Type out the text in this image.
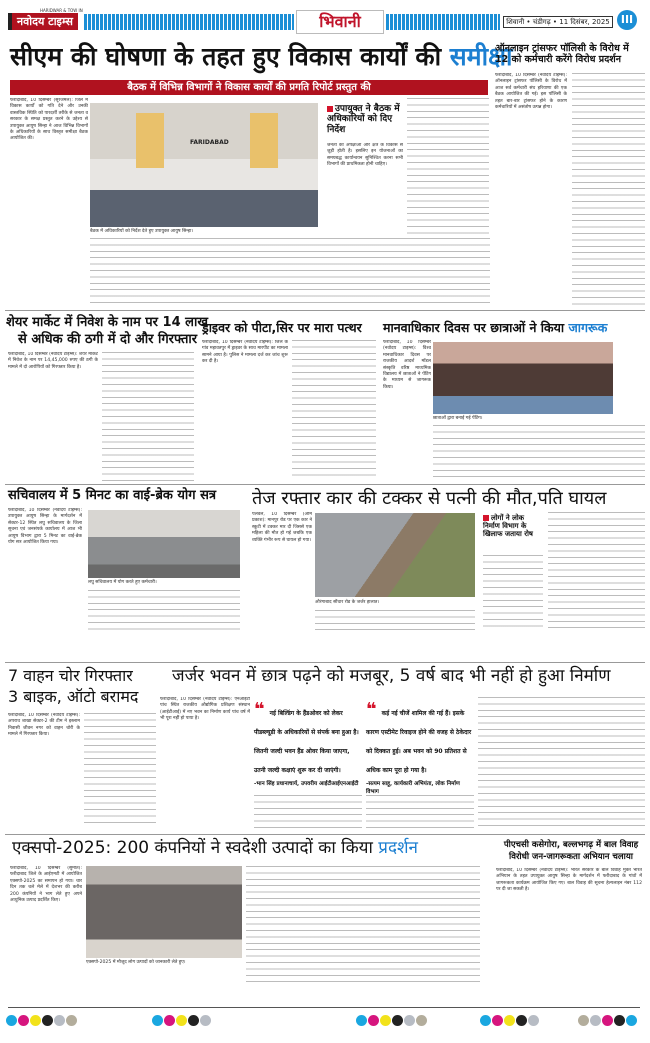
HARIDWAR & TOW IN
नवोदय टाइम्स	भिवानी	शिवानी • चंडीगढ़ • 11 दिसंबर, 2025	III
सीएम की घोषणा के तहत हुए विकास कार्यों की समीक्षा
बैठक में विभिन्न विभागों ने विकास कार्यों की प्रगति रिपोर्ट प्रस्तुत की
फरीदाबाद, 10 दिसम्बर (सूरजमल): जिले में विकास कार्यों को गति देने और उनकी वास्तविक स्थिति को पारदर्शी तरीके से जनता व सरकार के समक्ष प्रस्तुत करने के उद्देश्य से उपायुक्त आयुष सिन्हा ने आज विभिन्न विभागों के अधिकारियों के साथ विस्तृत समीक्षा बैठक आयोजित की।
FARIDABAD
बैठक में अधिकारियों को निर्देश देते हुए उपायुक्त आयुष सिन्हा।
उपायुक्त ने बैठक में अधिकारियों को दिए निर्देश
जनता की अपेक्षाओं और क्षेत्र के विकास से जुड़ी होती है। इसलिए इन योजनाओं का समयबद्ध कार्यान्वयन सुनिश्चित करना सभी विभागों की प्राथमिकता होनी चाहिए।
ऑनलाइन ट्रांसफर पॉलिसी के विरोध में 12 को कर्मचारी करेंगे विरोध प्रदर्शन
फरीदाबाद, 10 दिसम्बर (नवोदय टाइम्स): ऑनलाइन ट्रांसफर पॉलिसी के विरोध में आज सर्व कर्मचारी संघ हरियाणा की एक बैठक आयोजित की गई। इस पॉलिसी के तहत बार-बार ट्रांसफर होने के कारण कर्मचारियों में असंतोष उत्पन्न होगा।
शेयर मार्केट में निवेश के नाम पर 14 लाख
से अधिक की ठगी में दो और गिरफ्तार
फरीदाबाद, 10 दिसम्बर (नवोदय टाइम्स): शेयर मार्केट में निवेश के नाम पर 14,45,000 रुपए की ठगी के मामले में दो आरोपियों को गिरफ्तार किया है।
ड्राइवर को पीटा,सिर पर मारा पत्थर
फरीदाबाद, 10 दिसम्बर (नवोदय टाइम्स): जिले के गांव महावतपुर में ड्राइवर के साथ मारपीट का मामला सामने आया है। पुलिस ने मामला दर्ज कर जांच शुरू कर दी है।
मानवाधिकार दिवस पर छात्राओं ने किया जागरूक
फरीदाबाद, 10 दिसम्बर (नवोदय टाइम्स): विश्व मानवाधिकार दिवस पर राजकीय आदर्श मॉडल संस्कृति वरिष्ठ माध्यमिक विद्यालय में छात्राओं ने पेंटिंग के माध्यम से जागरूक किया।
छात्राओं द्वारा बनाई गई पेंटिंग।
सचिवालय में 5 मिनट का वाई-ब्रेक योग सत्र
फरीदाबाद, 10 दिसम्बर (नवोदय टाइम्स): उपायुक्त आयुष सिन्हा के मार्गदर्शन में सेक्टर-12 स्थित लघु सचिवालय के जिला सूचना एवं जनसंपर्क कार्यालय में आज भी आयुष विभाग द्वारा 5 मिनट का वाई-ब्रेक योग सत्र आयोजित किया गया।
लघु सचिवालय में योग करते हुए कर्मचारी।
तेज रफ्तार कार की टक्कर से पत्नी की मौत,पति घायल
पलवल, 10 दिसम्बर (ओम प्रकाश): मानपुर रोड पर एक कार ने स्कूटी में टक्कर मार दी जिससे एक महिला की मौत हो गई जबकि एक व्यक्ति गंभीर रूप से घायल हो गया।
औरंगाबाद सौंधार रोड के जर्जर हालात।
लोगों ने लोक निर्माण विभाग के खिलाफ जताया रोष
7 वाहन चोर गिरफ्तार
3 बाइक, ऑटो बरामद
फरीदाबाद, 10 दिसम्बर (नवोदय टाइम्स): अपराध शाखा सेक्टर-2 की टीम ने इस्लाम निवासी जीवन नगर को वाहन चोरी के मामले में गिरफ्तार किया।
जर्जर भवन में छात्र पढ़ने को मजबूर, 5 वर्ष बाद भी नहीं हो हुआ निर्माण
फरीदाबाद, 10 दिसम्बर (नवोदय टाइम्स): एनआईटी पांच स्थित राजकीय औद्योगिक प्रशिक्षण संस्थान (आईटीआई) में नए भवन का निर्माण कार्य पांच वर्ष में भी पूरा नहीं हो पाया है।	❝ नई बिल्डिंग के हैंडओवर को लेकर पीडब्ल्यूडी के अधिकारियों से संपर्क बना हुआ है। जितनी जल्दी भवन हैंड ओवर किया जाएगा, उतनी जल्दी कक्षाएं शुरू कर दी जाएंगी।
-भान सिंह प्रधानाचार्य, उपवरीय आईटीआईएनआईटी
❝ कई नई चीजें शामिल की गई हैं। इसके कारण एस्टीमेट रिवाइज होने की वजह से ठेकेदार को दिक्कत हुई। अब भवन को 90 प्रतिशत से अधिक काम पूरा हो गया है।
-सत्यम साहू, कार्यकारी अभियंता, लोक निर्माण विभाग
एक्सपो-2025: 200 कंपनियों ने स्वदेशी उत्पादों का किया प्रदर्शन
फरीदाबाद, 10 दिसम्बर (सुमीत): फरीदाबाद जिले के आईएमटी में आयोजित एक्सपो-2025 का समापन हो गया। चार दिन तक चले मेले में देशभर की करीब 200 कंपनियों ने भाग लेते हुए अपने आधुनिक उत्पाद प्रदर्शित किए।
एक्सपो-2025 में मौजूद लोग उत्पादों को जानकारी लेते हुए।
पीएचसी कसेगोरा, बल्लभगढ़ में बाल विवाह
विरोधी जन-जागरूकता अभियान चलाया
फरीदाबाद, 10 दिसम्बर (नवोदय टाइम्स): भारत सरकार के बाल विवाह मुक्त भारत अभियान के तहत उपायुक्त आयुष सिन्हा के मार्गदर्शन में फरीदाबाद के गांवों में जागरूकता कार्यक्रम आयोजित किए गए। बाल विवाह की सूचना हेल्पलाइन नंबर 112 पर दी जा सकती है।
